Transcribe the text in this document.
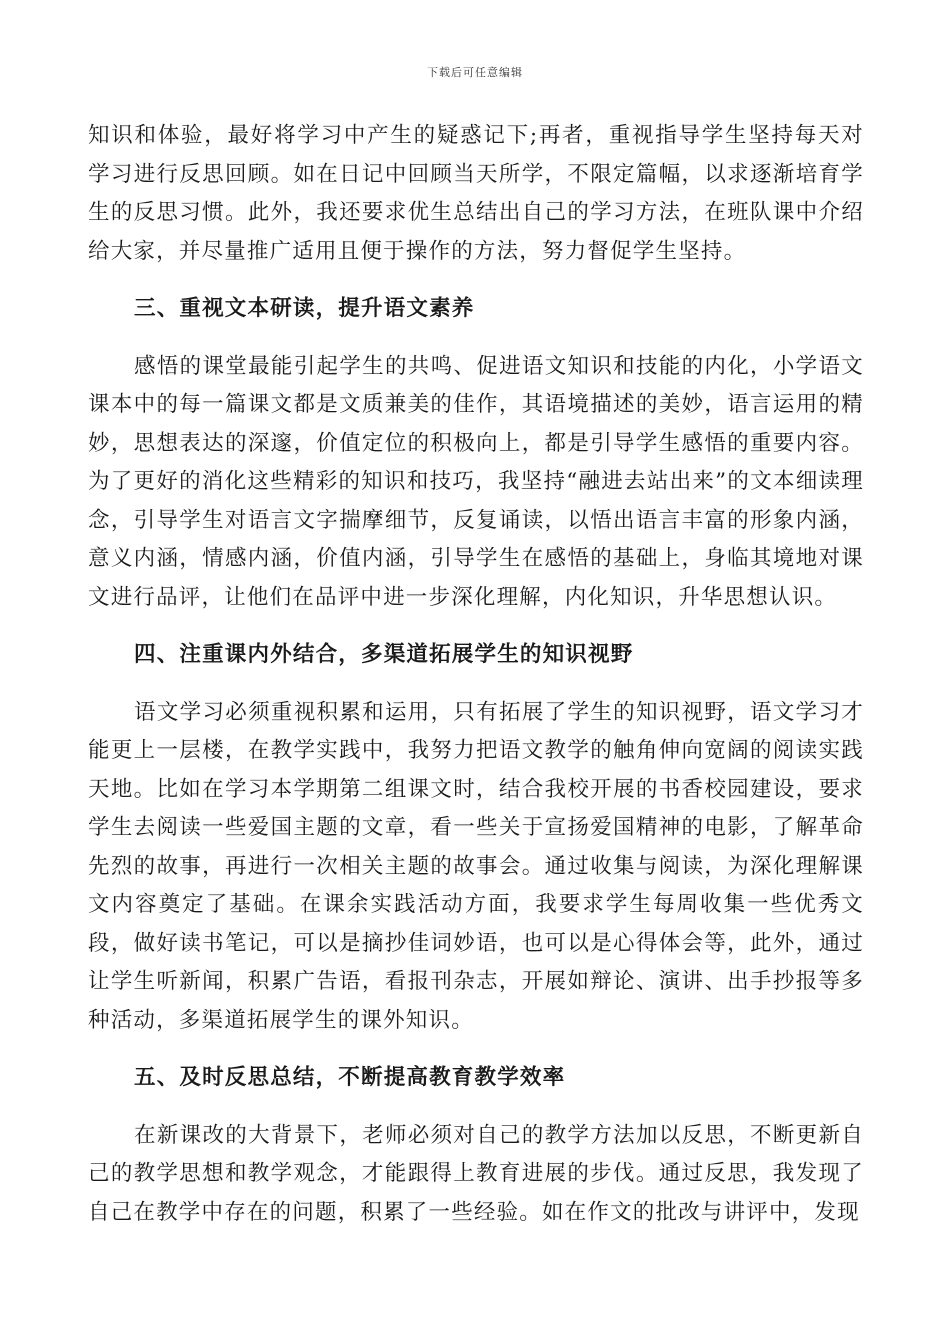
下载后可任意编辑

知识和体验，最好将学习中产生的疑惑记下;再者，重视指导学生坚持每天对学习进行反思回顾。如在日记中回顾当天所学，不限定篇幅，以求逐渐培育学生的反思习惯。此外，我还要求优生总结出自己的学习方法，在班队课中介绍给大家，并尽量推广适用且便于操作的方法，努力督促学生坚持。

三、重视文本研读，提升语文素养

感悟的课堂最能引起学生的共鸣、促进语文知识和技能的内化，小学语文课本中的每一篇课文都是文质兼美的佳作，其语境描述的美妙，语言运用的精妙，思想表达的深邃，价值定位的积极向上，都是引导学生感悟的重要内容。为了更好的消化这些精彩的知识和技巧，我坚持“融进去站出来”的文本细读理念，引导学生对语言文字揣摩细节，反复诵读，以悟出语言丰富的形象内涵，意义内涵，情感内涵，价值内涵，引导学生在感悟的基础上，身临其境地对课文进行品评，让他们在品评中进一步深化理解，内化知识，升华思想认识。

四、注重课内外结合，多渠道拓展学生的知识视野

语文学习必须重视积累和运用，只有拓展了学生的知识视野，语文学习才能更上一层楼，在教学实践中，我努力把语文教学的触角伸向宽阔的阅读实践天地。比如在学习本学期第二组课文时，结合我校开展的书香校园建设，要求学生去阅读一些爱国主题的文章，看一些关于宣扬爱国精神的电影，了解革命先烈的故事，再进行一次相关主题的故事会。通过收集与阅读，为深化理解课文内容奠定了基础。在课余实践活动方面，我要求学生每周收集一些优秀文段，做好读书笔记，可以是摘抄佳词妙语，也可以是心得体会等，此外，通过让学生听新闻，积累广告语，看报刊杂志，开展如辩论、演讲、出手抄报等多种活动，多渠道拓展学生的课外知识。

五、及时反思总结，不断提高教育教学效率

在新课改的大背景下，老师必须对自己的教学方法加以反思，不断更新自己的教学思想和教学观念，才能跟得上教育进展的步伐。通过反思，我发现了自己在教学中存在的问题，积累了一些经验。如在作文的批改与讲评中，发现
